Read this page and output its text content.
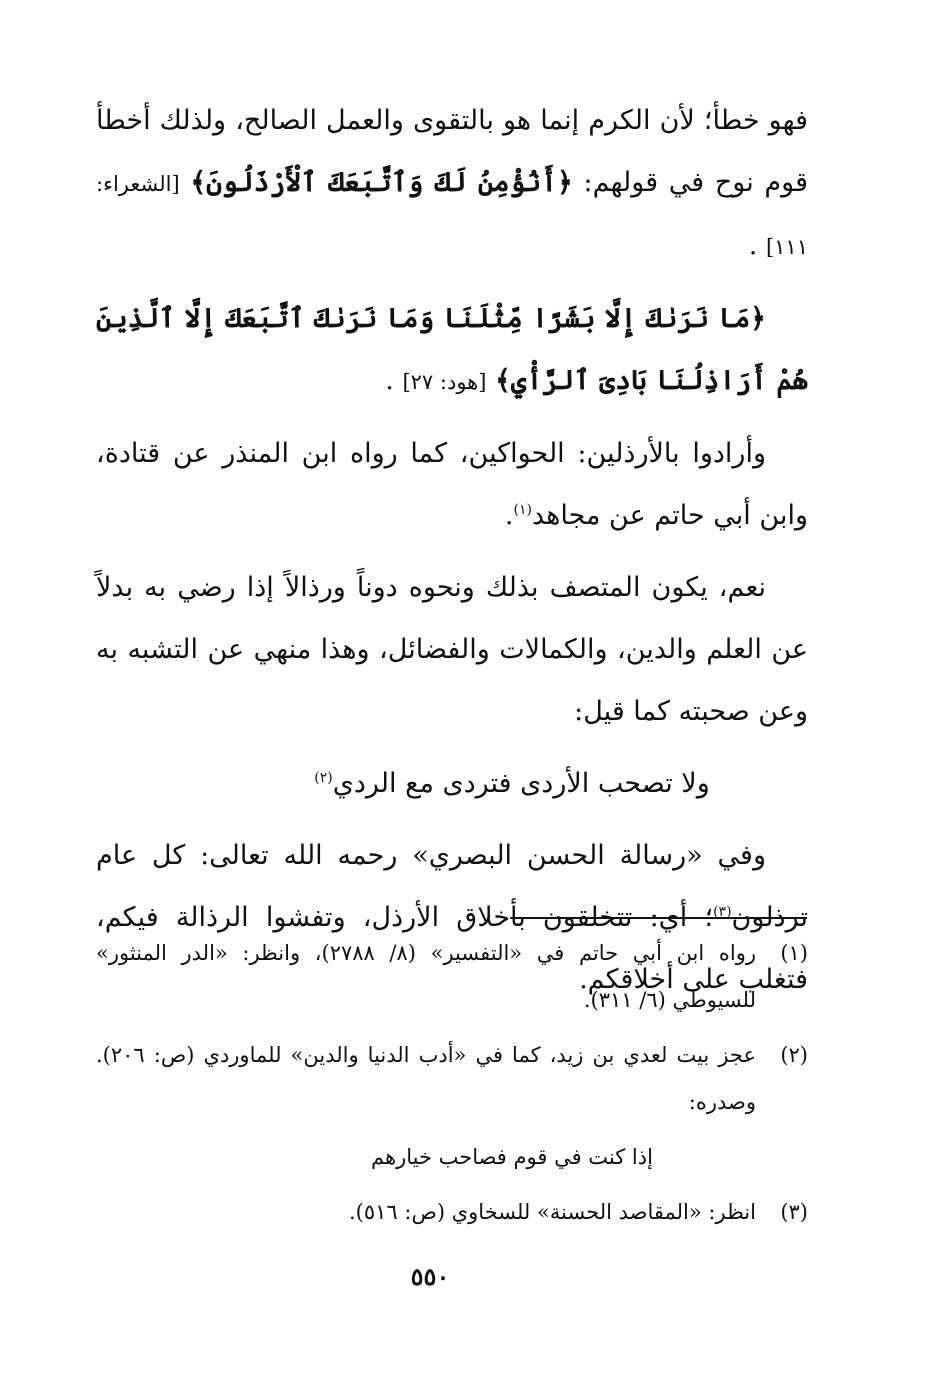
فهو خطأ؛ لأن الكرم إنما هو بالتقوى والعمل الصالح، ولذلك أخطأ قوم نوح في قولهم: ﴿أَنُؤْمِنُ لَكَ وَٱتَّبَعَكَ ٱلْأَرْذَلُونَ﴾ [الشعراء: ١١١] .

﴿مَا نَرَىٰكَ إِلَّا بَشَرًا مِّثْلَنَا وَمَا نَرَىٰكَ ٱتَّبَعَكَ إِلَّا ٱلَّذِينَ هُمْ أَرَاذِلُنَا بَادِىَ ٱلرَّأْيِ﴾ [هود: ٢٧] .

وأرادوا بالأرذلين: الحواكين، كما رواه ابن المنذر عن قتادة، وابن أبي حاتم عن مجاهد$^{(١)}$.

نعم، يكون المتصف بذلك ونحوه دوناً ورذالاً إذا رضي به بدلاً عن العلم والدين، والكمالات والفضائل، وهذا منهي عن التشبه به وعن صحبته كما قيل:

ولا تصحب الأردى فتردى مع الردي$^{(٢)}$

وفي «رسالة الحسن البصري» رحمه الله تعالى: كل عام ترذلون$^{(٣)}$؛ أي: تتخلقون بأخلاق الأرذل، وتفشوا الرذالة فيكم، فتغلب على أخلاقكم.

(١)
رواه ابن أبي حاتم في «التفسير» (٨/ ٢٧٨٨)، وانظر: «الدر المنثور» للسيوطي (٦/ ٣١١).
(٢)
عجز بيت لعدي بن زيد، كما في «أدب الدنيا والدين» للماوردي (ص: ٢٠٦). وصدره:
إذا كنت في قوم فصاحب خيارهم
(٣)
انظر: «المقاصد الحسنة» للسخاوي (ص: ٥١٦).
٥٥٠
